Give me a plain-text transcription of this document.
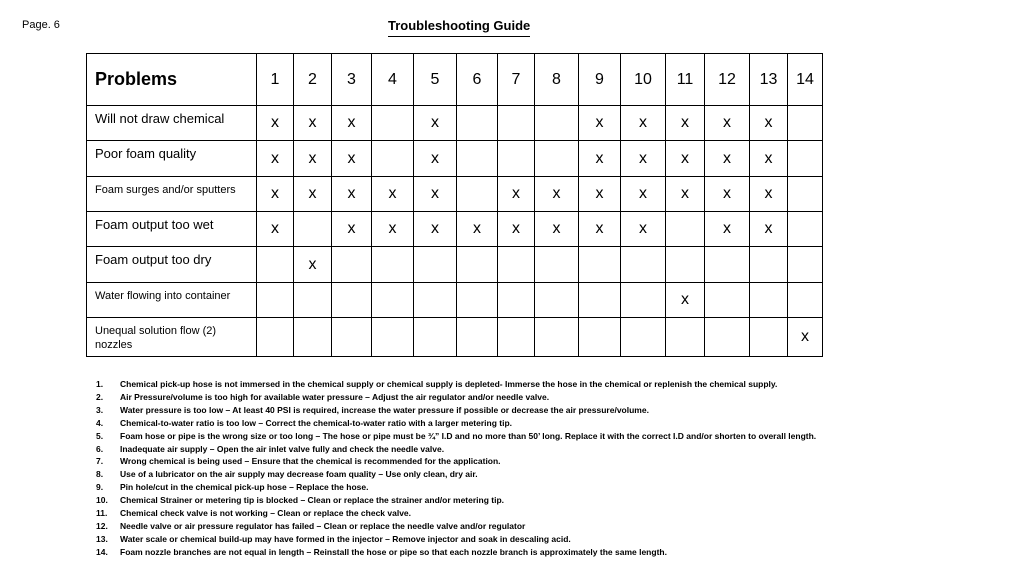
Page. 6	Troubleshooting Guide
Problems	1	2	3	4	5	6	7	8	9	10	11	12	13	14
Will not draw chemical	x	x	x		x				x	x	x	x	x	
Poor foam quality	x	x	x		x				x	x	x	x	x	
Foam surges and/or sputters	x	x	x	x	x		x	x	x	x	x	x	x	
Foam output too wet	x		x	x	x	x	x	x	x	x		x	x	
Foam output too dry		x												
Water flowing into container											x			
Unequal solution flow (2) nozzles														x
1.	Chemical pick-up hose is not immersed in the chemical supply or chemical supply is depleted- Immerse the hose in the chemical or replenish the chemical supply.
2.	Air Pressure/volume is too high for available water pressure – Adjust the air regulator and/or needle valve.
3.	Water pressure is too low – At least 40 PSI is required, increase the water pressure if possible or decrease the air pressure/volume.
4.	Chemical-to-water ratio is too low – Correct the chemical-to-water ratio with a larger metering tip.
5.	Foam hose or pipe is the wrong size or too long – The hose or pipe must be ¾” I.D and no more than 50’ long. Replace it with the correct I.D and/or shorten to overall length.
6.	Inadequate air supply – Open the air inlet valve fully and check the needle valve.
7.	Wrong chemical is being used – Ensure that the chemical is recommended for the application.
8.	Use of a lubricator on the air supply may decrease foam quality – Use only clean, dry air.
9.	Pin hole/cut in the chemical pick-up hose – Replace the hose.
10.	Chemical Strainer or metering tip is blocked – Clean or replace the strainer and/or metering tip.
11.	Chemical check valve is not working – Clean or replace the check valve.
12.	Needle valve or air pressure regulator has failed – Clean or replace the needle valve and/or regulator
13.	Water scale or chemical build-up may have formed in the injector – Remove injector and soak in descaling acid.
14.	Foam nozzle branches are not equal in length – Reinstall the hose or pipe so that each nozzle branch is approximately the same length.
